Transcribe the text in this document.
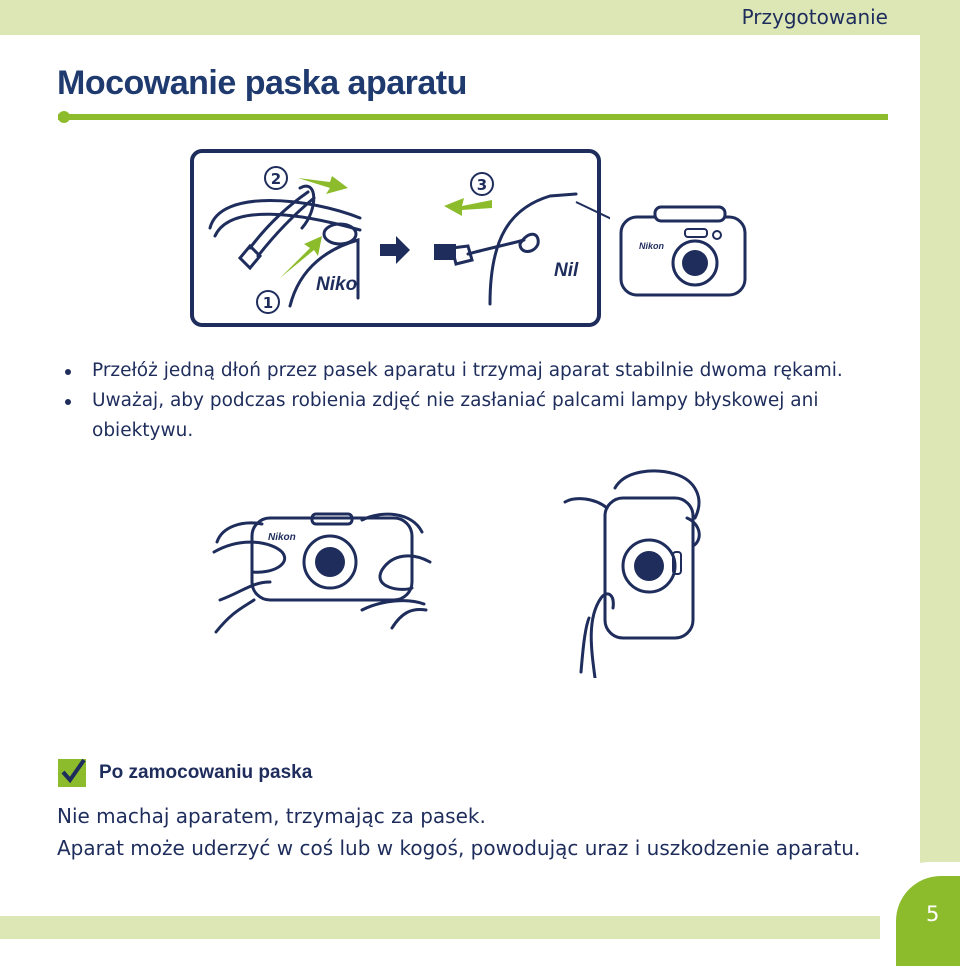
Przygotowanie
Mocowanie paska aparatu
Niko
2
1
Nil
3
Nikon
Przełóż jedną dłoń przez pasek aparatu i trzymaj aparat stabilnie dwoma rękami.
Uważaj, aby podczas robienia zdjęć nie zasłaniać palcami lampy błyskowej ani obiektywu.
Nikon
Po zamocowaniu paska
Nie machaj aparatem, trzymając za pasek.
Aparat może uderzyć w coś lub w kogoś, powodując uraz i uszkodzenie aparatu.
5
